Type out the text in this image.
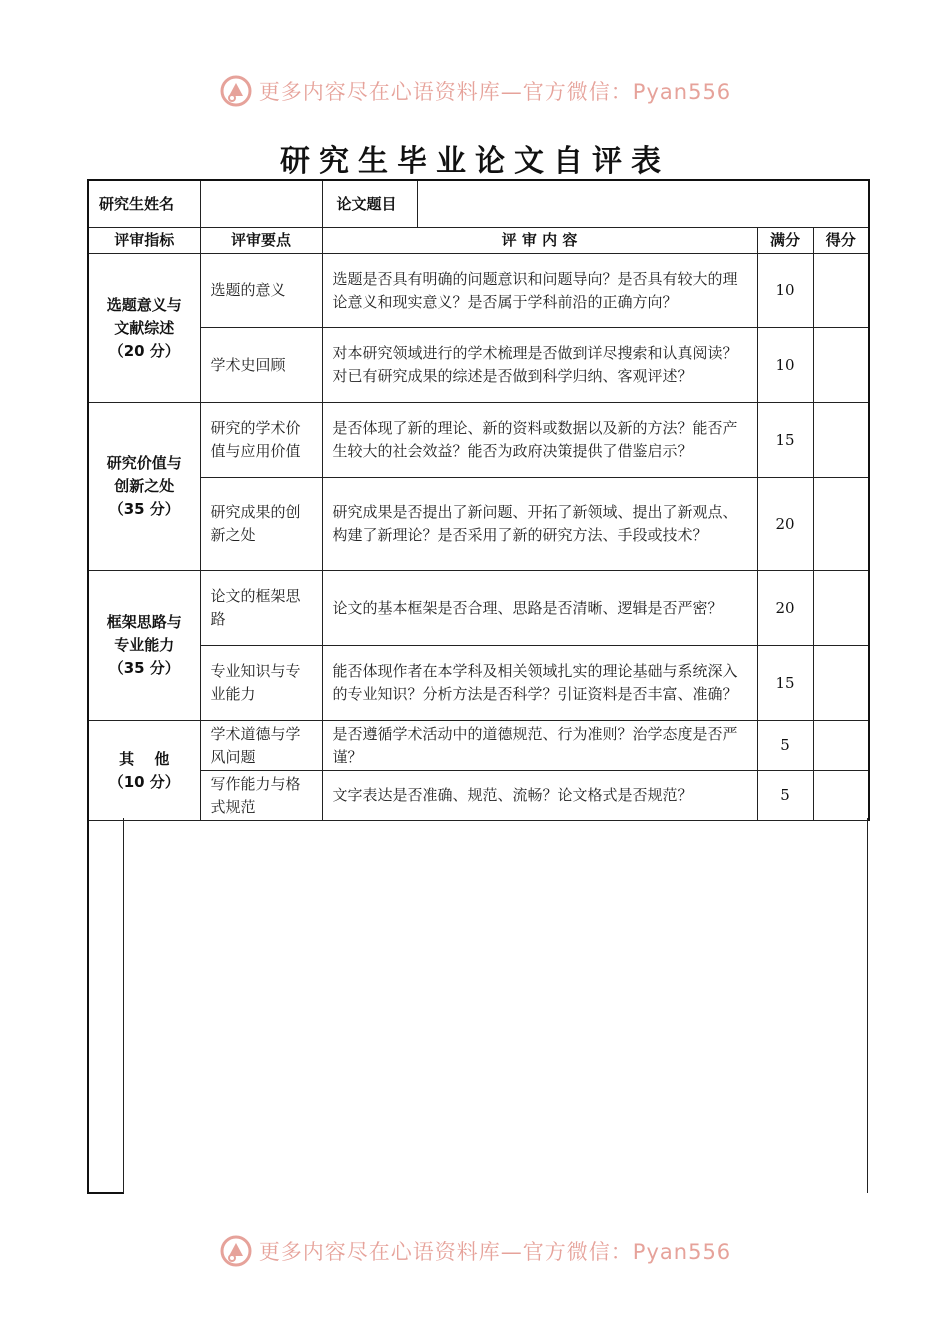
更多内容尽在心语资料库—官方微信：Pyan556
研究生毕业论文自评表
研究生姓名		论文题目		

评审指标	评审要点	评 审 内 容	满分	得分

选题意义与
文献综述
（20 分）	选题的意义	选题是否具有明确的问题意识和问题导向？是否具有较大的理论意义和现实意义？是否属于学科前沿的正确方向？	10	
	学术史回顾	对本研究领域进行的学术梳理是否做到详尽搜索和认真阅读？对已有研究成果的综述是否做到科学归纳、客观评述？	10	

研究价值与
创新之处
（35 分）	研究的学术价值与应用价值	是否体现了新的理论、新的资料或数据以及新的方法？能否产生较大的社会效益？能否为政府决策提供了借鉴启示？	15	
	研究成果的创新之处	研究成果是否提出了新问题、开拓了新领域、提出了新观点、构建了新理论？是否采用了新的研究方法、手段或技术？	20	

框架思路与
专业能力
（35 分）	论文的框架思路	论文的基本框架是否合理、思路是否清晰、逻辑是否严密？	20	
	专业知识与专业能力	能否体现作者在本学科及相关领域扎实的理论基础与系统深入的专业知识？分析方法是否科学？引证资料是否丰富、准确？	15	

其　 他
（10 分）	学术道德与学风问题	是否遵循学术活动中的道德规范、行为准则？治学态度是否严谨？	5	
	写作能力与格式规范	文字表达是否准确、规范、流畅？论文格式是否规范？	5	
更多内容尽在心语资料库—官方微信：Pyan556
